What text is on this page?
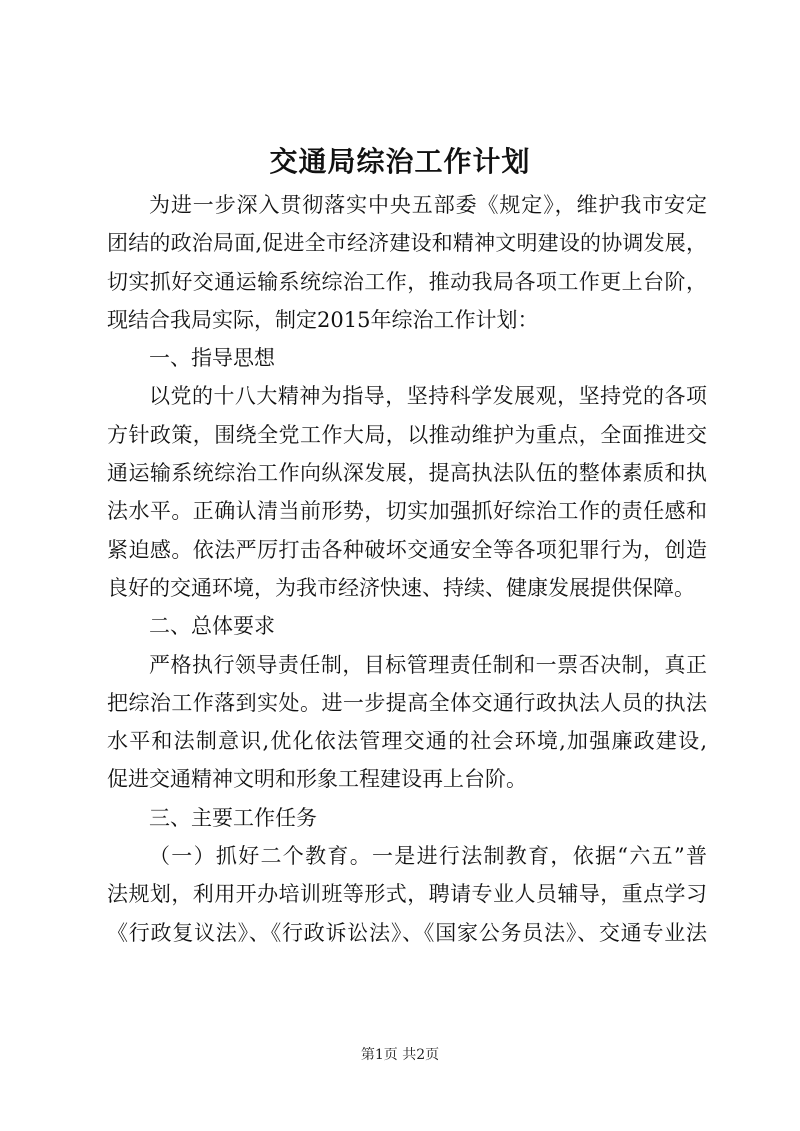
交通局综治工作计划
为进一步深入贯彻落实中央五部委《规定》，维护我市安定
团结的政治局面,促进全市经济建设和精神文明建设的协调发展，
切实抓好交通运输系统综治工作，推动我局各项工作更上台阶，
现结合我局实际，制定2015年综治工作计划：
一、指导思想
以党的十八大精神为指导，坚持科学发展观，坚持党的各项
方针政策，围绕全党工作大局，以推动维护为重点，全面推进交
通运输系统综治工作向纵深发展，提高执法队伍的整体素质和执
法水平。正确认清当前形势，切实加强抓好综治工作的责任感和
紧迫感。依法严厉打击各种破坏交通安全等各项犯罪行为，创造
良好的交通环境，为我市经济快速、持续、健康发展提供保障。
二、总体要求
严格执行领导责任制，目标管理责任制和一票否决制，真正
把综治工作落到实处。进一步提高全体交通行政执法人员的执法
水平和法制意识,优化依法管理交通的社会环境,加强廉政建设,
促进交通精神文明和形象工程建设再上台阶。
三、主要工作任务
（一）抓好二个教育。一是进行法制教育，依据“六五”普
法规划，利用开办培训班等形式，聘请专业人员辅导，重点学习
《行政复议法》、《行政诉讼法》、《国家公务员法》、交通专业法
第1页 共2页
